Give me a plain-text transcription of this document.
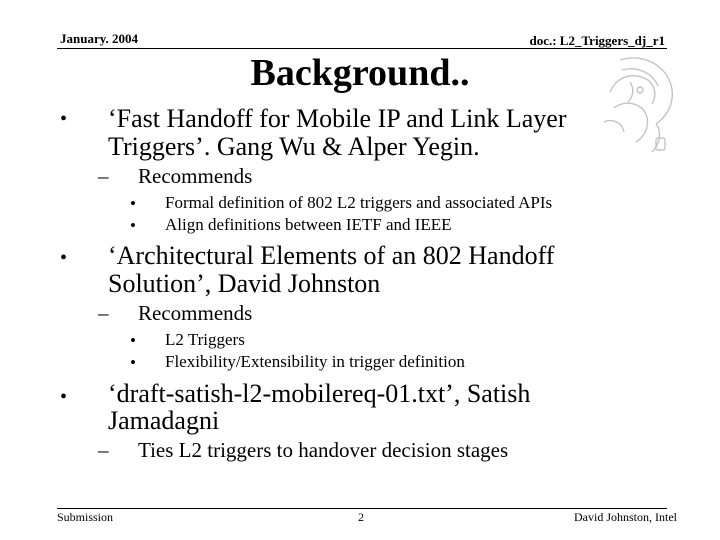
January. 2004	doc.: L2_Triggers_dj_r1
Background..
• ‘Fast Handoff for Mobile IP and Link Layer
Triggers’. Gang Wu & Alper Yegin.
– Recommends
• Formal definition of 802 L2 triggers and associated APIs
• Align definitions between IETF and IEEE
• ‘Architectural Elements of an 802 Handoff
Solution’, David Johnston
– Recommends
• L2 Triggers
• Flexibility/Extensibility in trigger definition
• ‘draft-satish-l2-mobilereq-01.txt’, Satish
Jamadagni
– Ties L2 triggers to handover decision stages
Submission	2	David Johnston, Intel
